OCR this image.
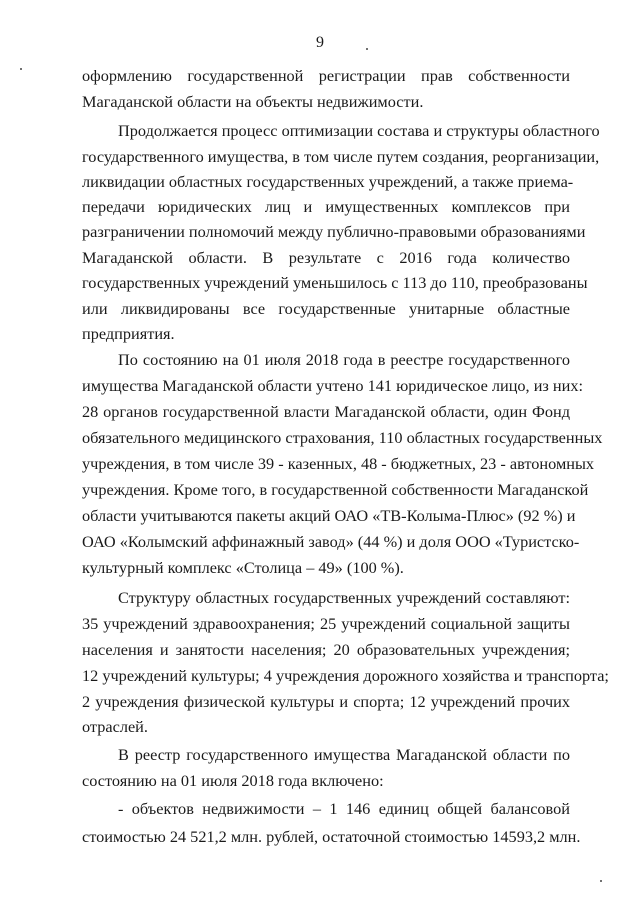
9
оформлению государственной регистрации прав собственности
Магаданской области на объекты недвижимости.
Продолжается процесс оптимизации состава и структуры областного
государственного имущества, в том числе путем создания, реорганизации,
ликвидации областных государственных учреждений, а также приема-
передачи юридических лиц и имущественных комплексов при
разграничении полномочий между публично-правовыми образованиями
Магаданской области. В результате с 2016 года количество
государственных учреждений уменьшилось с 113 до 110, преобразованы
или ликвидированы все государственные унитарные областные
предприятия.
По состоянию на 01 июля 2018 года в реестре государственного
имущества Магаданской области учтено 141 юридическое лицо, из них:
28 органов государственной власти Магаданской области, один Фонд
обязательного медицинского страхования, 110 областных государственных
учреждения, в том числе 39 - казенных, 48 - бюджетных, 23 - автономных
учреждения. Кроме того, в государственной собственности Магаданской
области учитываются пакеты акций ОАО «ТВ-Колыма-Плюс» (92 %) и
ОАО «Колымский аффинажный завод» (44 %) и доля ООО «Туристско-
культурный комплекс «Столица – 49» (100 %).
Структуру областных государственных учреждений составляют:
35 учреждений здравоохранения; 25 учреждений социальной защиты
населения и занятости населения; 20 образовательных учреждения;
12 учреждений культуры; 4 учреждения дорожного хозяйства и транспорта;
2 учреждения физической культуры и спорта; 12 учреждений прочих
отраслей.
В реестр государственного имущества Магаданской области по
состоянию на 01 июля 2018 года включено:
- объектов недвижимости – 1 146 единиц общей балансовой
стоимостью 24 521,2 млн. рублей, остаточной стоимостью 14593,2 млн.
